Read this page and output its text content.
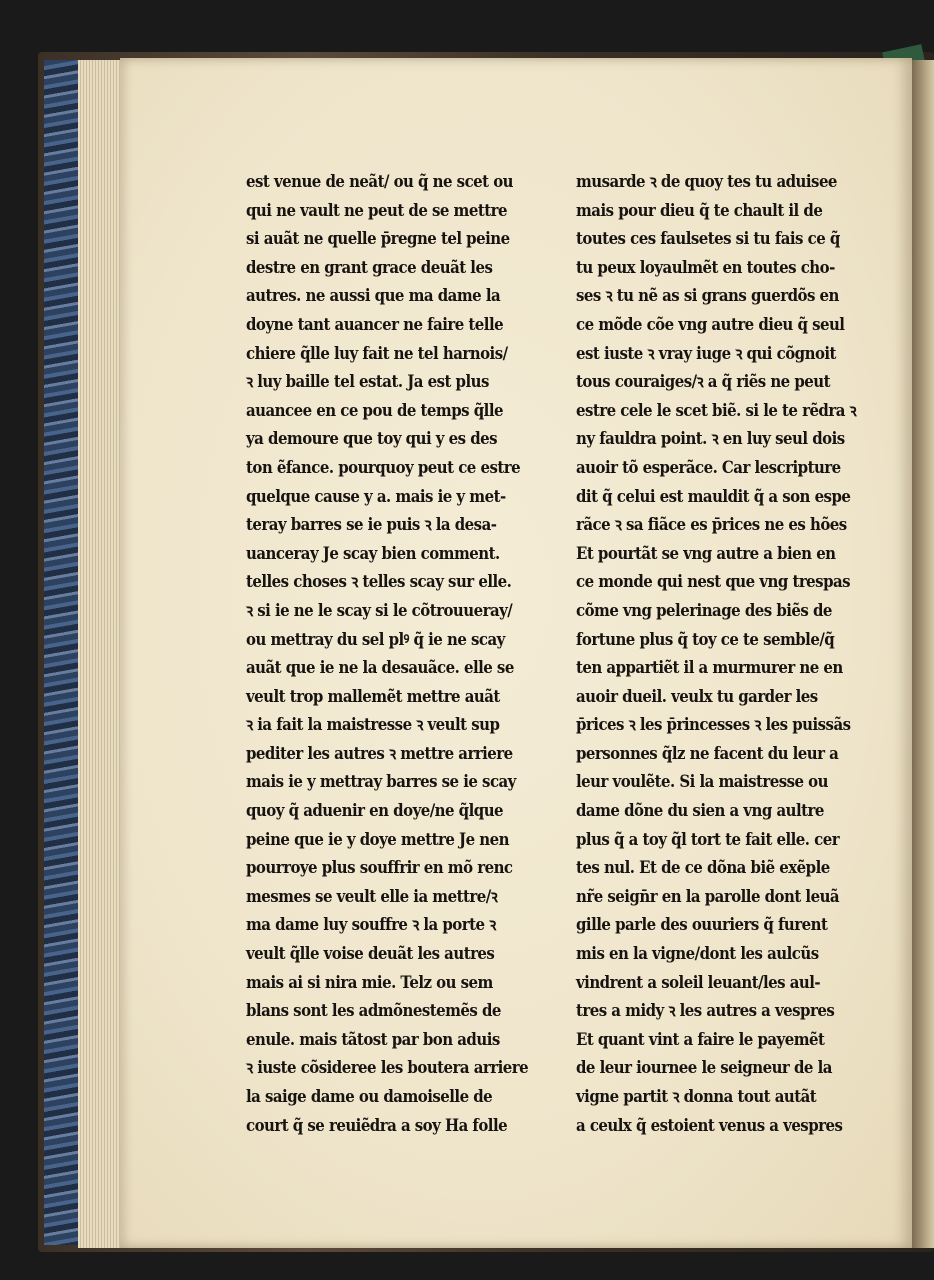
est venue de neãt/ ou q̃ ne scet ou
qui ne vault ne peut de se mettre
si auãt ne quelle p̄regne tel peine
destre en grant grace deuãt les
autres. ne aussi que ma dame la
doyne tant auancer ne faire telle
chiere q̃lle luy fait ne tel harnois/
ꝛ luy baille tel estat. Ja est plus
auancee en ce pou de temps q̃lle
ya demoure que toy qui y es des
ton ẽfance. pourquoy peut ce estre
quelque cause y a. mais ie y met-
teray barres se ie puis ꝛ la desa-
uanceray Je scay bien comment.
telles choses ꝛ telles scay sur elle.
ꝛ si ie ne le scay si le cõtrouueray/
ou mettray du sel plꝰ q̃ ie ne scay
auãt que ie ne la desauãce. elle se
veult trop mallemẽt mettre auãt
ꝛ ia fait la maistresse ꝛ veult sup
pediter les autres ꝛ mettre arriere
mais ie y mettray barres se ie scay
quoy q̃ aduenir en doye/ne q̃lque
peine que ie y doye mettre Je nen
pourroye plus souffrir en mõ renc
mesmes se veult elle ia mettre/ꝛ
ma dame luy souffre ꝛ la porte ꝛ
veult q̃lle voise deuãt les autres
mais ai si nira mie. Telz ou sem
blans sont les admõnestemẽs de
enule. mais tãtost par bon aduis
ꝛ iuste cõsideree les boutera arriere
la saige dame ou damoiselle de
court q̃ se reuiẽdra a soy Ha folle
musarde ꝛ de quoy tes tu aduisee
mais pour dieu q̃ te chault il de
toutes ces faulsetes si tu fais ce q̃
tu peux loyaulmẽt en toutes cho-
ses ꝛ tu nẽ as si grans guerdõs en
ce mõde cõe vng autre dieu q̃ seul
est iuste ꝛ vray iuge ꝛ qui cõgnoit
tous couraiges/ꝛ a q̃ riẽs ne peut
estre cele le scet biẽ. si le te rẽdra ꝛ
ny fauldra point. ꝛ en luy seul dois
auoir tõ esperãce. Car lescripture
dit q̃ celui est mauldit q̃ a son espe
rãce ꝛ sa fiãce es p̄rices ne es hões
Et pourtãt se vng autre a bien en
ce monde qui nest que vng trespas
cõme vng pelerinage des biẽs de
fortune plus q̃ toy ce te semble/q̃
ten appartiẽt il a murmurer ne en
auoir dueil. veulx tu garder les
p̄rices ꝛ les p̄rincesses ꝛ les puissãs
personnes q̃lz ne facent du leur a
leur voulẽte. Si la maistresse ou
dame dõne du sien a vng aultre
plus q̃ a toy q̃l tort te fait elle. cer
tes nul. Et de ce dõna biẽ exẽple
nr̃e seign̄r en la parolle dont leuã
gille parle des ouuriers q̃ furent
mis en la vigne/dont les aulcũs
vindrent a soleil leuant/les aul-
tres a midy ꝛ les autres a vespres
Et quant vint a faire le payemẽt
de leur iournee le seigneur de la
vigne partit ꝛ donna tout autãt
a ceulx q̃ estoient venus a vespres
